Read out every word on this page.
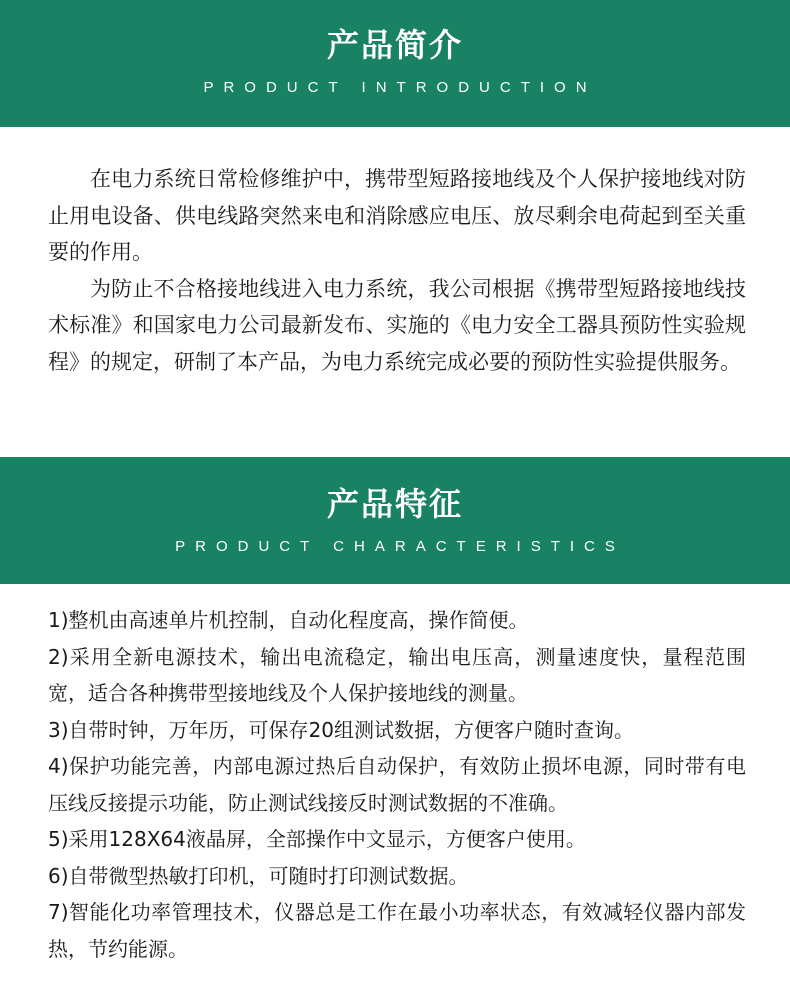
产品简介
PRODUCT INTRODUCTION

在电力系统日常检修维护中，携带型短路接地线及个人保护接地线对防止用电设备、供电线路突然来电和消除感应电压、放尽剩余电荷起到至关重要的作用。

为防止不合格接地线进入电力系统，我公司根据《携带型短路接地线技术标准》和国家电力公司最新发布、实施的《电力安全工器具预防性实验规程》的规定，研制了本产品，为电力系统完成必要的预防性实验提供服务。

产品特征
PRODUCT CHARACTERISTICS

1)整机由高速单片机控制，自动化程度高，操作简便。

2)采用全新电源技术，输出电流稳定，输出电压高，测量速度快，量程范围宽，适合各种携带型接地线及个人保护接地线的测量。

3)自带时钟，万年历，可保存20组测试数据，方便客户随时查询。

4)保护功能完善，内部电源过热后自动保护，有效防止损坏电源，同时带有电压线反接提示功能，防止测试线接反时测试数据的不准确。

5)采用128X64液晶屏，全部操作中文显示，方便客户使用。

6)自带微型热敏打印机，可随时打印测试数据。

7)智能化功率管理技术，仪器总是工作在最小功率状态，有效减轻仪器内部发热，节约能源。
